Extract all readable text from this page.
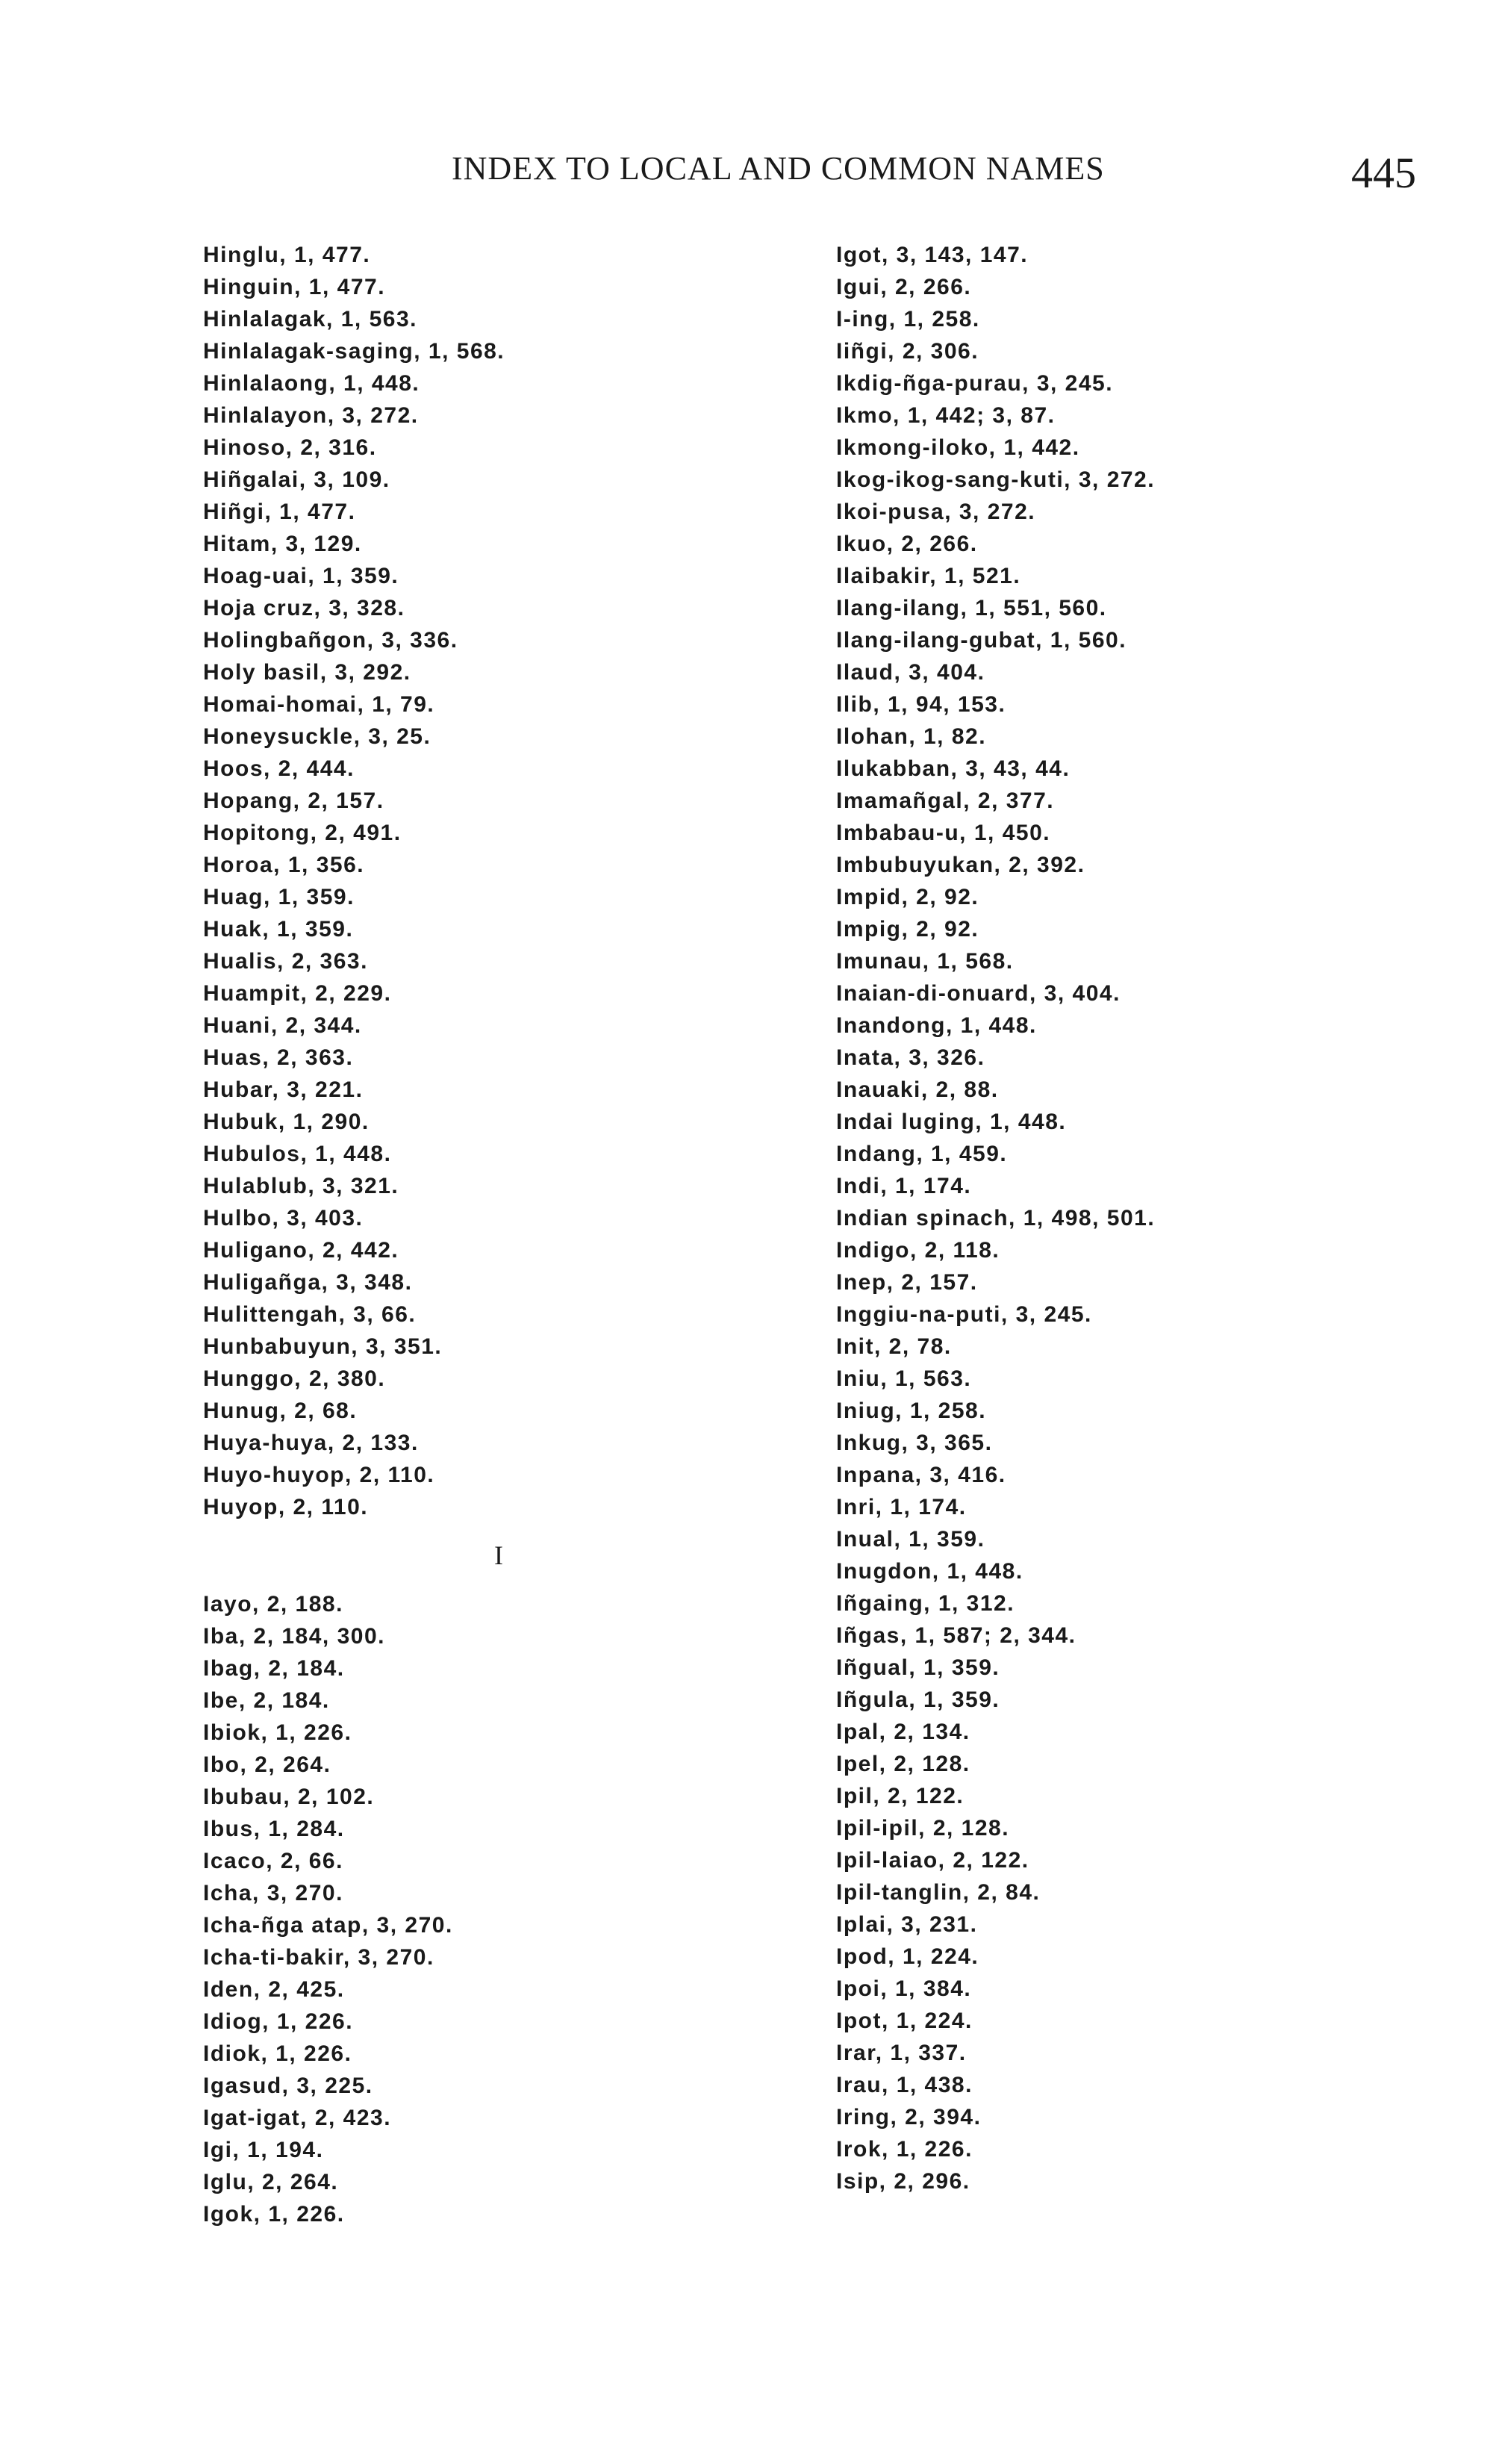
INDEX TO LOCAL AND COMMON NAMES	445
Hinglu, 1, 477.
Hinguin, 1, 477.
Hinlalagak, 1, 563.
Hinlalagak-saging, 1, 568.
Hinlalaong, 1, 448.
Hinlalayon, 3, 272.
Hinoso, 2, 316.
Hiñgalai, 3, 109.
Hiñgi, 1, 477.
Hitam, 3, 129.
Hoag-uai, 1, 359.
Hoja cruz, 3, 328.
Holingbañgon, 3, 336.
Holy basil, 3, 292.
Homai-homai, 1, 79.
Honeysuckle, 3, 25.
Hoos, 2, 444.
Hopang, 2, 157.
Hopitong, 2, 491.
Horoa, 1, 356.
Huag, 1, 359.
Huak, 1, 359.
Hualis, 2, 363.
Huampit, 2, 229.
Huani, 2, 344.
Huas, 2, 363.
Hubar, 3, 221.
Hubuk, 1, 290.
Hubulos, 1, 448.
Hulablub, 3, 321.
Hulbo, 3, 403.
Huligano, 2, 442.
Huligañga, 3, 348.
Hulittengah, 3, 66.
Hunbabuyun, 3, 351.
Hunggo, 2, 380.
Hunug, 2, 68.
Huya-huya, 2, 133.
Huyo-huyop, 2, 110.
Huyop, 2, 110.
I
Iayo, 2, 188.
Iba, 2, 184, 300.
Ibag, 2, 184.
Ibe, 2, 184.
Ibiok, 1, 226.
Ibo, 2, 264.
Ibubau, 2, 102.
Ibus, 1, 284.
Icaco, 2, 66.
Icha, 3, 270.
Icha-ñga atap, 3, 270.
Icha-ti-bakir, 3, 270.
Iden, 2, 425.
Idiog, 1, 226.
Idiok, 1, 226.
Igasud, 3, 225.
Igat-igat, 2, 423.
Igi, 1, 194.
Iglu, 2, 264.
Igok, 1, 226.
Igot, 3, 143, 147.
Igui, 2, 266.
I-ing, 1, 258.
Iiñgi, 2, 306.
Ikdig-ñga-purau, 3, 245.
Ikmo, 1, 442; 3, 87.
Ikmong-iloko, 1, 442.
Ikog-ikog-sang-kuti, 3, 272.
Ikoi-pusa, 3, 272.
Ikuo, 2, 266.
Ilaibakir, 1, 521.
Ilang-ilang, 1, 551, 560.
Ilang-ilang-gubat, 1, 560.
Ilaud, 3, 404.
Ilib, 1, 94, 153.
Ilohan, 1, 82.
Ilukabban, 3, 43, 44.
Imamañgal, 2, 377.
Imbabau-u, 1, 450.
Imbubuyukan, 2, 392.
Impid, 2, 92.
Impig, 2, 92.
Imunau, 1, 568.
Inaian-di-onuard, 3, 404.
Inandong, 1, 448.
Inata, 3, 326.
Inauaki, 2, 88.
Indai luging, 1, 448.
Indang, 1, 459.
Indi, 1, 174.
Indian spinach, 1, 498, 501.
Indigo, 2, 118.
Inep, 2, 157.
Inggiu-na-puti, 3, 245.
Init, 2, 78.
Iniu, 1, 563.
Iniug, 1, 258.
Inkug, 3, 365.
Inpana, 3, 416.
Inri, 1, 174.
Inual, 1, 359.
Inugdon, 1, 448.
Iñgaing, 1, 312.
Iñgas, 1, 587; 2, 344.
Iñgual, 1, 359.
Iñgula, 1, 359.
Ipal, 2, 134.
Ipel, 2, 128.
Ipil, 2, 122.
Ipil-ipil, 2, 128.
Ipil-laiao, 2, 122.
Ipil-tanglin, 2, 84.
Iplai, 3, 231.
Ipod, 1, 224.
Ipoi, 1, 384.
Ipot, 1, 224.
Irar, 1, 337.
Irau, 1, 438.
Iring, 2, 394.
Irok, 1, 226.
Isip, 2, 296.
